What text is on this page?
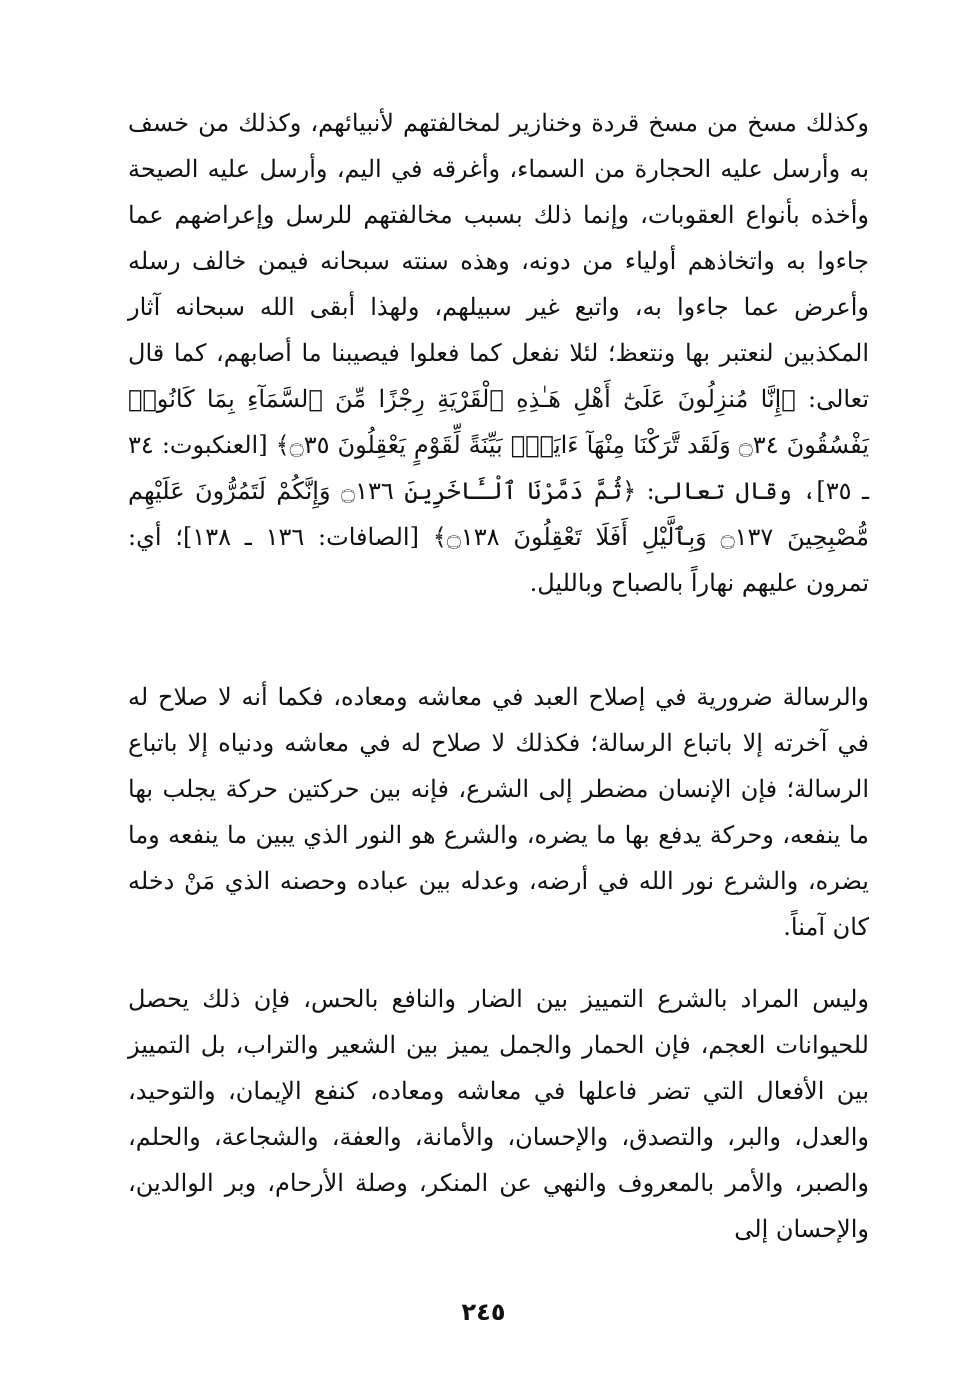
وكذلك مسخ من مسخ قردة وخنازير لمخالفتهم لأنبيائهم، وكذلك من خسف به وأرسل عليه الحجارة من السماء، وأغرقه في اليم، وأرسل عليه الصيحة وأخذه بأنواع العقوبات، وإنما ذلك بسبب مخالفتهم للرسل وإعراضهم عما جاءوا به واتخاذهم أولياء من دونه، وهذه سنته سبحانه فيمن خالف رسله وأعرض عما جاءوا به، واتبع غير سبيلهم، ولهذا أبقى الله سبحانه آثار المكذبين لنعتبر بها ونتعظ؛ لئلا نفعل كما فعلوا فيصيبنا ما أصابهم، كما قال تعالى: ﴿إِنَّا مُنزِلُونَ عَلَىٰٓ أَهْلِ هَـٰذِهِ ٱلْقَرْيَةِ رِجْزًا مِّنَ ٱلسَّمَآءِ بِمَا كَانُوا۟ يَفْسُقُونَ ۝٣٤ وَلَقَد تَّرَكْنَا مِنْهَآ ءَايَةًۢ بَيِّنَةً لِّقَوْمٍ يَعْقِلُونَ ۝٣٥﴾ [العنكبوت: ٣٤ ـ ٣٥]، وقال تعالى: ﴿ثُمَّ دَمَّرْنَا ٱلْـَٔاخَرِينَ ۝١٣٦ وَإِنَّكُمْ لَتَمُرُّونَ عَلَيْهِم مُّصْبِحِينَ ۝١٣٧ وَبِٱلَّيْلِ أَفَلَا تَعْقِلُونَ ۝١٣٨﴾ [الصافات: ١٣٦ ـ ١٣٨]؛ أي: تمرون عليهم نهاراً بالصباح وبالليل.

والرسالة ضرورية في إصلاح العبد في معاشه ومعاده، فكما أنه لا صلاح له في آخرته إلا باتباع الرسالة؛ فكذلك لا صلاح له في معاشه ودنياه إلا باتباع الرسالة؛ فإن الإنسان مضطر إلى الشرع، فإنه بين حركتين حركة يجلب بها ما ينفعه، وحركة يدفع بها ما يضره، والشرع هو النور الذي يبين ما ينفعه وما يضره، والشرع نور الله في أرضه، وعدله بين عباده وحصنه الذي مَنْ دخله كان آمناً.

وليس المراد بالشرع التمييز بين الضار والنافع بالحس، فإن ذلك يحصل للحيوانات العجم، فإن الحمار والجمل يميز بين الشعير والتراب، بل التمييز بين الأفعال التي تضر فاعلها في معاشه ومعاده، كنفع الإيمان، والتوحيد، والعدل، والبر، والتصدق، والإحسان، والأمانة، والعفة، والشجاعة، والحلم، والصبر، والأمر بالمعروف والنهي عن المنكر، وصلة الأرحام، وبر الوالدين، والإحسان إلى

٢٤٥
